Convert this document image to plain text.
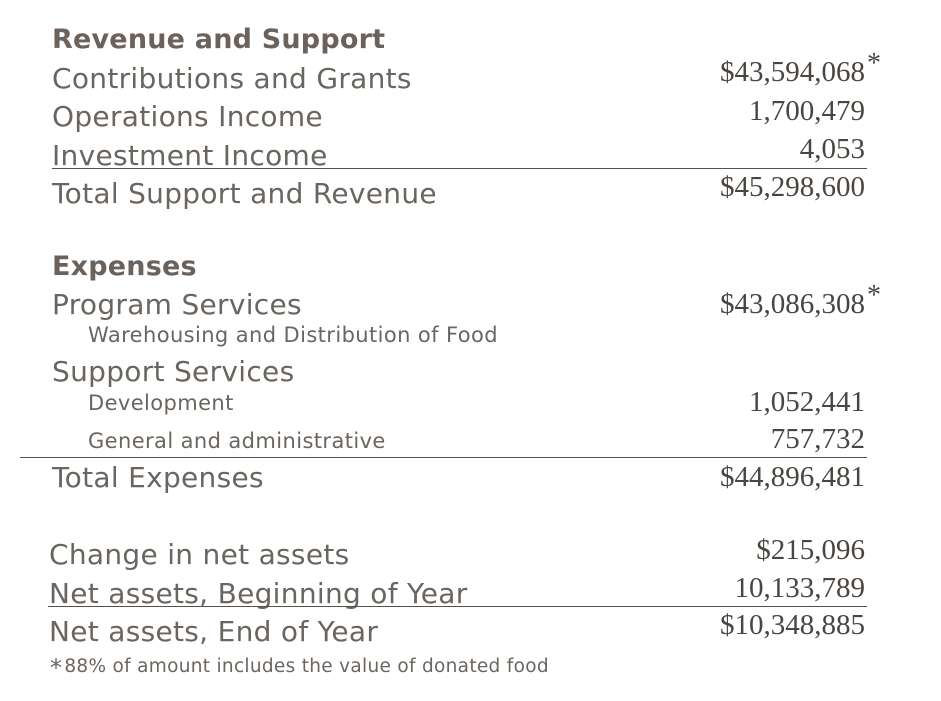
Revenue and Support
Contributions and Grants	$43,594,068 *
Operations Income	1,700,479
Investment Income	4,053
Total Support and Revenue	$45,298,600
Expenses
Program Services	$43,086,308 *
Warehousing and Distribution of Food
Support Services
Development	1,052,441
General and administrative	757,732
Total Expenses	$44,896,481
Change in net assets	$215,096
Net assets, Beginning of Year	10,133,789
Net assets, End of Year	$10,348,885
* 88% of amount includes the value of donated food
